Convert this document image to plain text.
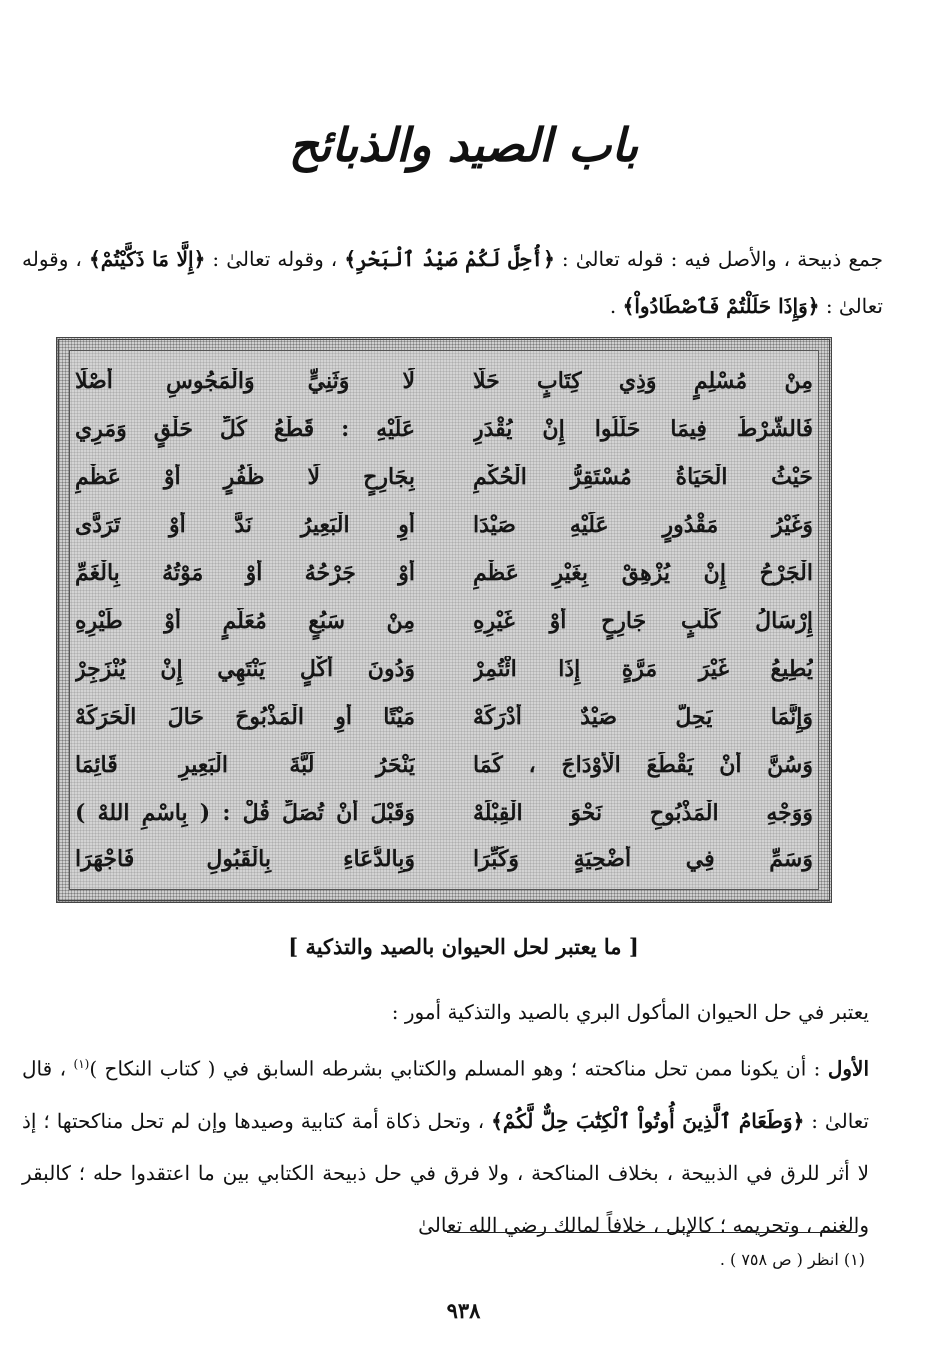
باب الصيد والذبائح

جمع ذبيحة ، والأصل فيه : قوله تعالىٰ : ﴿أُحِلَّ لَكُمْ صَيْدُ ٱلْبَحْرِ﴾ ، وقوله تعالىٰ : ﴿إِلَّا مَا ذَكَّيْتُمْ﴾ ، وقوله تعالىٰ : ﴿وَإِذَا حَلَلْتُمْ فَٱصْطَادُواْ﴾ .

مِنْ مُسْلِمٍ وَذِي كِتَابٍ حَلَّا
لَا وَثَنِيٍّ وَالْمَجُوسِ أَصْلَا
فَالشَّرْطُ فِيمَا حَلَّلُوا إِنْ يُقْدَرِ
عَلَيْهِ : قَطْعُ كُلِّ حَلْقٍ وَمَرِي
حَيْثُ الْحَيَاةُ مُسْتَقِرُّ الْحُكْمِ
بِجَارِحٍ لَا ظُفُرٍ أَوْ عَظْمِ
وَغَيْرُ مَقْدُورٍ عَلَيْهِ صَيْدَا
أَوِ الْبَعِيرُ نَدَّ أَوْ تَرَدَّى
الْجَرْحُ إِنْ يُزْهِقْ بِغَيْرِ عَظْمِ
أَوْ جَرْحُهُ أَوْ مَوْتُهُ بِالْغَمِّ
إِرْسَالُ كَلْبٍ جَارِحٍ أَوْ غَيْرِهِ
مِنْ سَبُعٍ مُعَلَّمٍ أَوْ طَيْرِهِ
يُطِيعُ غَيْرَ مَرَّةٍ إِذَا ائْتُمِرْ
وَدُونَ أَكْلٍ يَنْتَهِي إِنْ يُنْزَجِرْ
وَإِنَّمَا يَحِلُّ صَيْدٌ أَدْرَكَهْ
مَيْتًا أَوِ الْمَذْبُوحَ حَالَ الْحَرَكَهْ
وَسُنَّ أَنْ يَقْطَعَ الْأَوْدَاجَ ، كَمَا
يَنْحَرُ لَبَّةَ الْبَعِيرِ قَائِمَا
وَوَجْهِ الْمَذْبُوحِ نَحْوَ الْقِبْلَهْ
وَقَبْلَ أَنْ تُصَلِّ قُلْ : ( بِاسْمِ اللهْ )
وَسَمِّ فِي أُضْحِيَةٍ وَكَبِّرَا
وَبِالدُّعَاءِ بِالْقَبُولِ فَاجْهَرَا
[ ما يعتبر لحل الحيوان بالصيد والتذكية ]

يعتبر في حل الحيوان المأكول البري بالصيد والتذكية أمور :

الأول : أن يكونا ممن تحل مناكحته ؛ وهو المسلم والكتابي بشرطه السابق في ( كتاب النكاح )$^{(١)}$ ، قال تعالىٰ : ﴿وَطَعَامُ ٱلَّذِينَ أُوتُواْ ٱلْكِتَٰبَ حِلٌّ لَّكُمْ﴾ ، وتحل ذكاة أمة كتابية وصيدها وإن لم تحل مناكحتها ؛ إذ لا أثر للرق في الذبيحة ، بخلاف المناكحة ، ولا فرق في حل ذبيحة الكتابي بين ما اعتقدوا حله ؛ كالبقر والغنم ، وتحريمه ؛ كالإبل ، خلافاً لمالك رضي الله تعالىٰ

(١) انظر ( ص ٧٥٨ ) .
٩٣٨
